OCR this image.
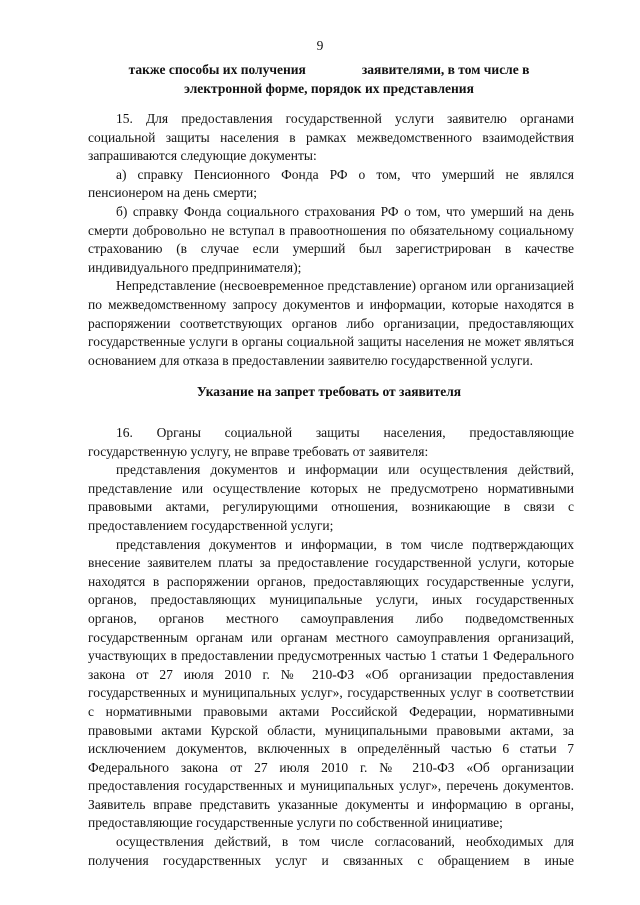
9
также способы их получения	заявителями, в том числе в
электронной форме, порядок их представления

15. Для предоставления государственной услуги заявителю органами социальной защиты населения в рамках межведомственного взаимодействия запрашиваются следующие документы:

а) справку Пенсионного Фонда РФ о том, что умерший не являлся пенсионером на день смерти;

б) справку Фонда социального страхования РФ о том, что умерший на день смерти добровольно не вступал в правоотношения по обязательному социальному страхованию (в случае если умерший был зарегистрирован в качестве индивидуального предпринимателя);

Непредставление (несвоевременное представление) органом или организацией по межведомственному запросу документов и информации, которые находятся в распоряжении соответствующих органов либо организации, предоставляющих государственные услуги в органы социальной защиты населения не может являться основанием для отказа в предоставлении заявителю государственной услуги.

Указание на запрет требовать от заявителя

16. Органы социальной защиты населения, предоставляющие государственную услугу, не вправе требовать от заявителя:

представления документов и информации или осуществления действий, представление или осуществление которых не предусмотрено нормативными правовыми актами, регулирующими отношения, возникающие в связи с предоставлением государственной услуги;

представления документов и информации, в том числе подтверждающих внесение заявителем платы за предоставление государственной услуги, которые находятся в распоряжении органов, предоставляющих государственные услуги, органов, предоставляющих муниципальные услуги, иных государственных органов, органов местного самоуправления либо подведомственных государственным органам или органам местного самоуправления организаций, участвующих в предоставлении предусмотренных частью 1 статьи 1 Федерального закона от 27 июля 2010 г. № 210-ФЗ «Об организации предоставления государственных и муниципальных услуг», государственных услуг в соответствии с нормативными правовыми актами Российской Федерации, нормативными правовыми актами Курской области, муниципальными правовыми актами, за исключением документов, включенных в определённый частью 6 статьи 7 Федерального закона от 27 июля 2010 г. № 210-ФЗ «Об организации предоставления государственных и муниципальных услуг», перечень документов. Заявитель вправе представить указанные документы и информацию в органы, предоставляющие государственные услуги по собственной инициативе;

осуществления действий, в том числе согласований, необходимых для получения государственных услуг и связанных с обращением в иные
